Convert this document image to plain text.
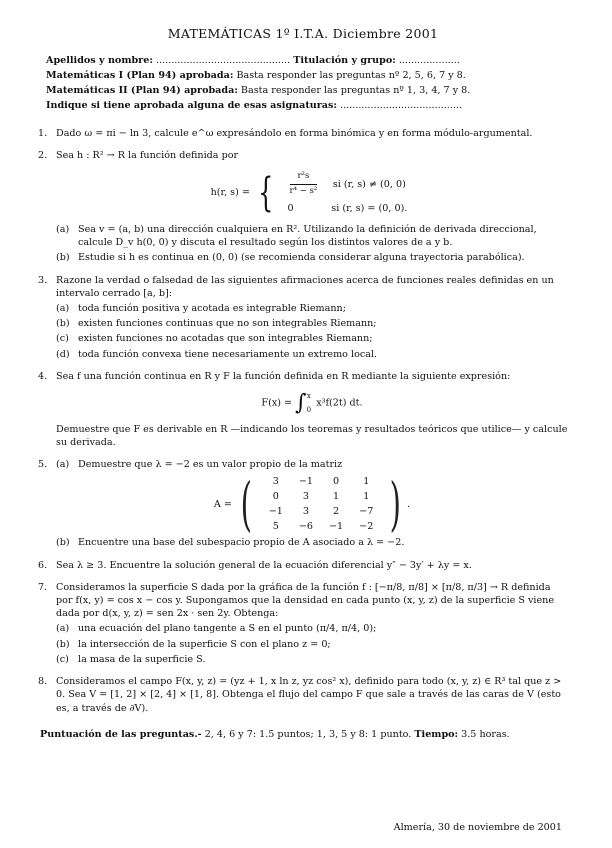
MATEMÁTICAS 1º I.T.A. Diciembre 2001
Apellidos y nombre: ............................................ Titulación y grupo: ....................
Matemáticas I (Plan 94) aprobada: Basta responder las preguntas nº 2, 5, 6, 7 y 8.
Matemáticas II (Plan 94) aprobada: Basta responder las preguntas nº 1, 3, 4, 7 y 8.
Indique si tiene aprobada alguna de esas asignaturas: ........................................
1. Dado ω = πi − ln 3, calcule e^ω expresándolo en forma binómica y en forma módulo-argumental.
2. Sea h : R² → R la función definida por
h(r, s) = { $\frac{\text{r²s}}{\text{r⁴ − s²}}$	si (r, s) ≠ (0, 0)
0	si (r, s) = (0, 0).
(a) Sea v = (a, b) una dirección cualquiera en R². Utilizando la definición de derivada direccional, calcule D_v h(0, 0) y discuta el resultado según los distintos valores de a y b.
(b) Estudie si h es continua en (0, 0) (se recomienda considerar alguna trayectoria parabólica).
3. Razone la verdad o falsedad de las siguientes afirmaciones acerca de funciones reales definidas en un intervalo cerrado [a, b]:
(a) toda función positiva y acotada es integrable Riemann;
(b) existen funciones continuas que no son integrables Riemann;
(c) existen funciones no acotadas que son integrables Riemann;
(d) toda función convexa tiene necesariamente un extremo local.
4. Sea f una función continua en R y F la función definida en R mediante la siguiente expresión:
F(x) = ∫ x
0
x³f(2t) dt.
Demuestre que F es derivable en R —indicando los teoremas y resultados teóricos que utilice— y calcule su derivada.
5. (a) Demuestre que λ = −2 es un valor propio de la matriz
A = ( 3	−1	0	1
0	3	1	1
−1	3	2	−7
5	−6	−1	−2 ) .
(b) Encuentre una base del subespacio propio de A asociado a λ = −2.
6. Sea λ ≥ 3. Encuentre la solución general de la ecuación diferencial y″ − 3y′ + λy = x.
7. Consideramos la superficie S dada por la gráfica de la función f : [−π/8, π/8] × [π/8, π/3] → R definida por f(x, y) = cos x − cos y. Supongamos que la densidad en cada punto (x, y, z) de la superficie S viene dada por d(x, y, z) = sen 2x · sen 2y. Obtenga:
(a) una ecuación del plano tangente a S en el punto (π/4, π/4, 0);
(b) la intersección de la superficie S con el plano z = 0;
(c) la masa de la superficie S.
8. Consideramos el campo F(x, y, z) = (yz + 1, x ln z, yz cos² x), definido para todo (x, y, z) ∈ R³ tal que z > 0. Sea V = [1, 2] × [2, 4] × [1, 8]. Obtenga el flujo del campo F que sale a través de las caras de V (esto es, a través de ∂V).
Puntuación de las preguntas.- 2, 4, 6 y 7: 1.5 puntos; 1, 3, 5 y 8: 1 punto. Tiempo: 3.5 horas.
Almería, 30 de noviembre de 2001
